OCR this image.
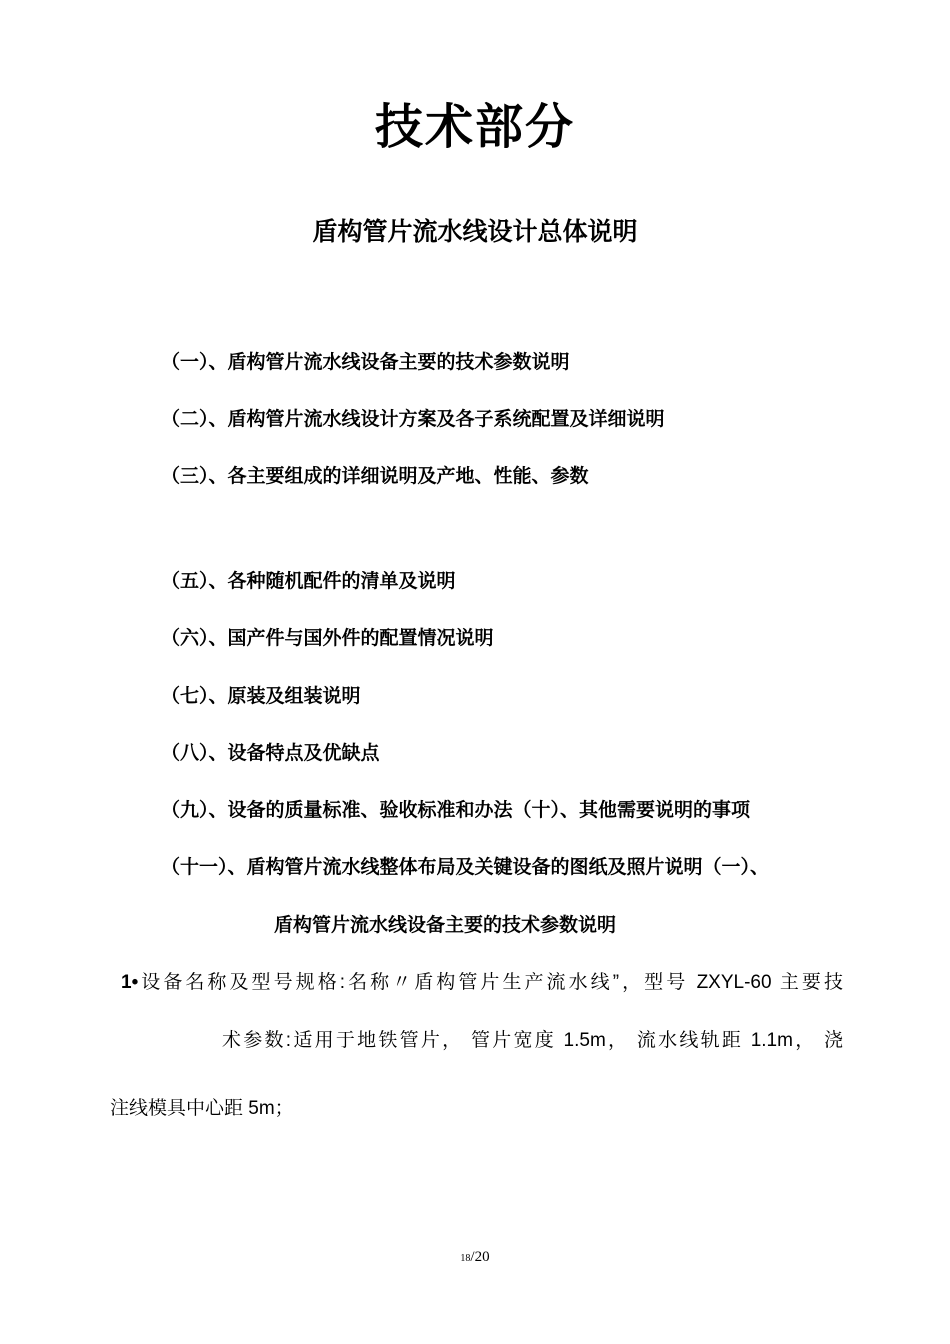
技术部分
盾构管片流水线设计总体说明
（一）、盾构管片流水线设备主要的技术参数说明
（二）、盾构管片流水线设计方案及各子系统配置及详细说明
（三）、各主要组成的详细说明及产地、性能、参数
（五）、各种随机配件的清单及说明
（六）、国产件与国外件的配置情况说明
（七）、原装及组装说明
（八）、设备特点及优缺点
（九）、设备的质量标准、验收标准和办法（十）、其他需要说明的事项
（十一）、盾构管片流水线整体布局及关键设备的图纸及照片说明（一）、
盾构管片流水线设备主要的技术参数说明
1•设备名称及型号规格:名称〃盾构管片生产流水线”，型号 ZXYL-60 主要技
术参数:适用于地铁管片， 管片宽度 1.5m， 流水线轨距 1.1m， 浇
注线模具中心距 5m；
18/20
